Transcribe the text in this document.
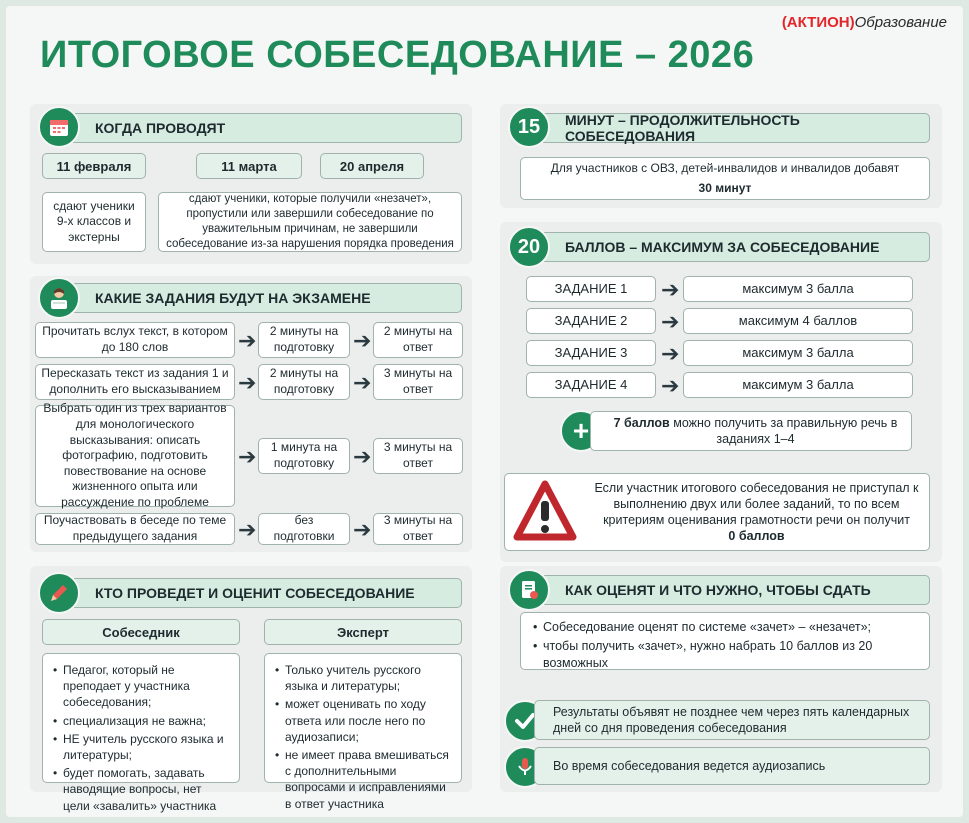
(АКТИОН)Образование
ИТОГОВОЕ СОБЕСЕДОВАНИЕ – 2026
КОГДА ПРОВОДЯТ
11 февраля	11 марта	20 апреля
сдают ученики 9-х классов и экстерны
сдают ученики, которые получили «незачет», пропустили или завершили собеседование по уважительным причинам, не завершили собеседование из-за нарушения порядка проведения
КАКИЕ ЗАДАНИЯ БУДУТ НА ЭКЗАМЕНЕ
Прочитать вслух текст, в котором до 180 слов	➔	2 минуты на подготовку ➔	2 минуты на ответ
Пересказать текст из задания 1 и дополнить его высказыванием ➔	2 минуты на подготовку ➔	3 минуты на ответ
Выбрать один из трех вариантов для монологического высказывания: описать фотографию, подготовить повествование на основе жизненного опыта или рассуждение по проблеме
➔	1 минута на подготовку ➔	3 минуты на ответ
Поучаствовать в беседе по теме предыдущего задания	➔	без подготовки ➔	3 минуты на ответ
КТО ПРОВЕДЕТ И ОЦЕНИТ СОБЕСЕДОВАНИЕ
Собеседник	Эксперт
• Педагог, который не преподает у участника собеседования;
• специализация не важна;
• НЕ учитель русского языка и литературы;
• будет помогать, задавать наводящие вопросы, нет цели «завалить» участника
• Только учитель русского языка и литературы;
• может оценивать по ходу ответа или после него по аудиозаписи;
• не имеет права вмешиваться с дополнительными вопросами и исправлениями в ответ участника
МИНУТ – ПРОДОЛЖИТЕЛЬНОСТЬ СОБЕСЕДОВАНИЯ
15
Для участников с ОВЗ, детей-инвалидов и инвалидов добавят
30 минут
БАЛЛОВ – МАКСИМУМ ЗА СОБЕСЕДОВАНИЕ
20
ЗАДАНИЕ 1	➔	максимум 3 балла
ЗАДАНИЕ 2	➔	максимум 4 баллов
ЗАДАНИЕ 3	➔	максимум 3 балла
ЗАДАНИЕ 4	➔	максимум 3 балла
+	7 баллов можно получить за правильную речь в заданиях 1–4
Если участник итогового собеседования не приступал к выполнению двух или более заданий, то по всем критериям оценивания грамотности речи он получит
0 баллов
КАК ОЦЕНЯТ И ЧТО НУЖНО, ЧТОБЫ СДАТЬ
• Собеседование оценят по системе «зачет» – «незачет»;
• чтобы получить «зачет», нужно набрать 10 баллов из 20 возможных
Результаты объявят не позднее чем через пять календарных дней со дня проведения собеседования
Во время собеседования ведется аудиозапись
